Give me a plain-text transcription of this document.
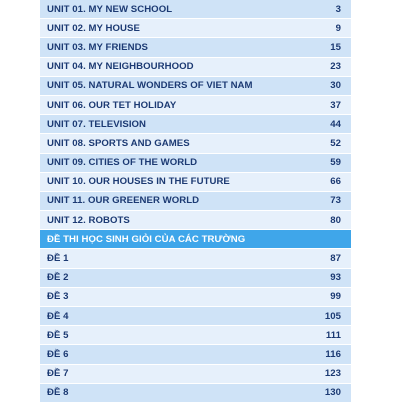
UNIT 01. MY NEW SCHOOL	3
UNIT 02. MY HOUSE	9
UNIT 03. MY FRIENDS	15
UNIT 04. MY NEIGHBOURHOOD	23
UNIT 05. NATURAL WONDERS OF VIET NAM	30
UNIT 06. OUR TET HOLIDAY	37
UNIT 07. TELEVISION	44
UNIT 08. SPORTS AND GAMES	52
UNIT 09. CITIES OF THE WORLD	59
UNIT 10. OUR HOUSES IN THE FUTURE	66
UNIT 11. OUR GREENER WORLD	73
UNIT 12. ROBOTS	80
ĐỀ THI HỌC SINH GIỎI CỦA CÁC TRƯỜNG
ĐỀ 1	87
ĐỀ 2	93
ĐỀ 3	99
ĐỀ 4	105
ĐỀ 5	111
ĐỀ 6	116
ĐỀ 7	123
ĐỀ 8	130
